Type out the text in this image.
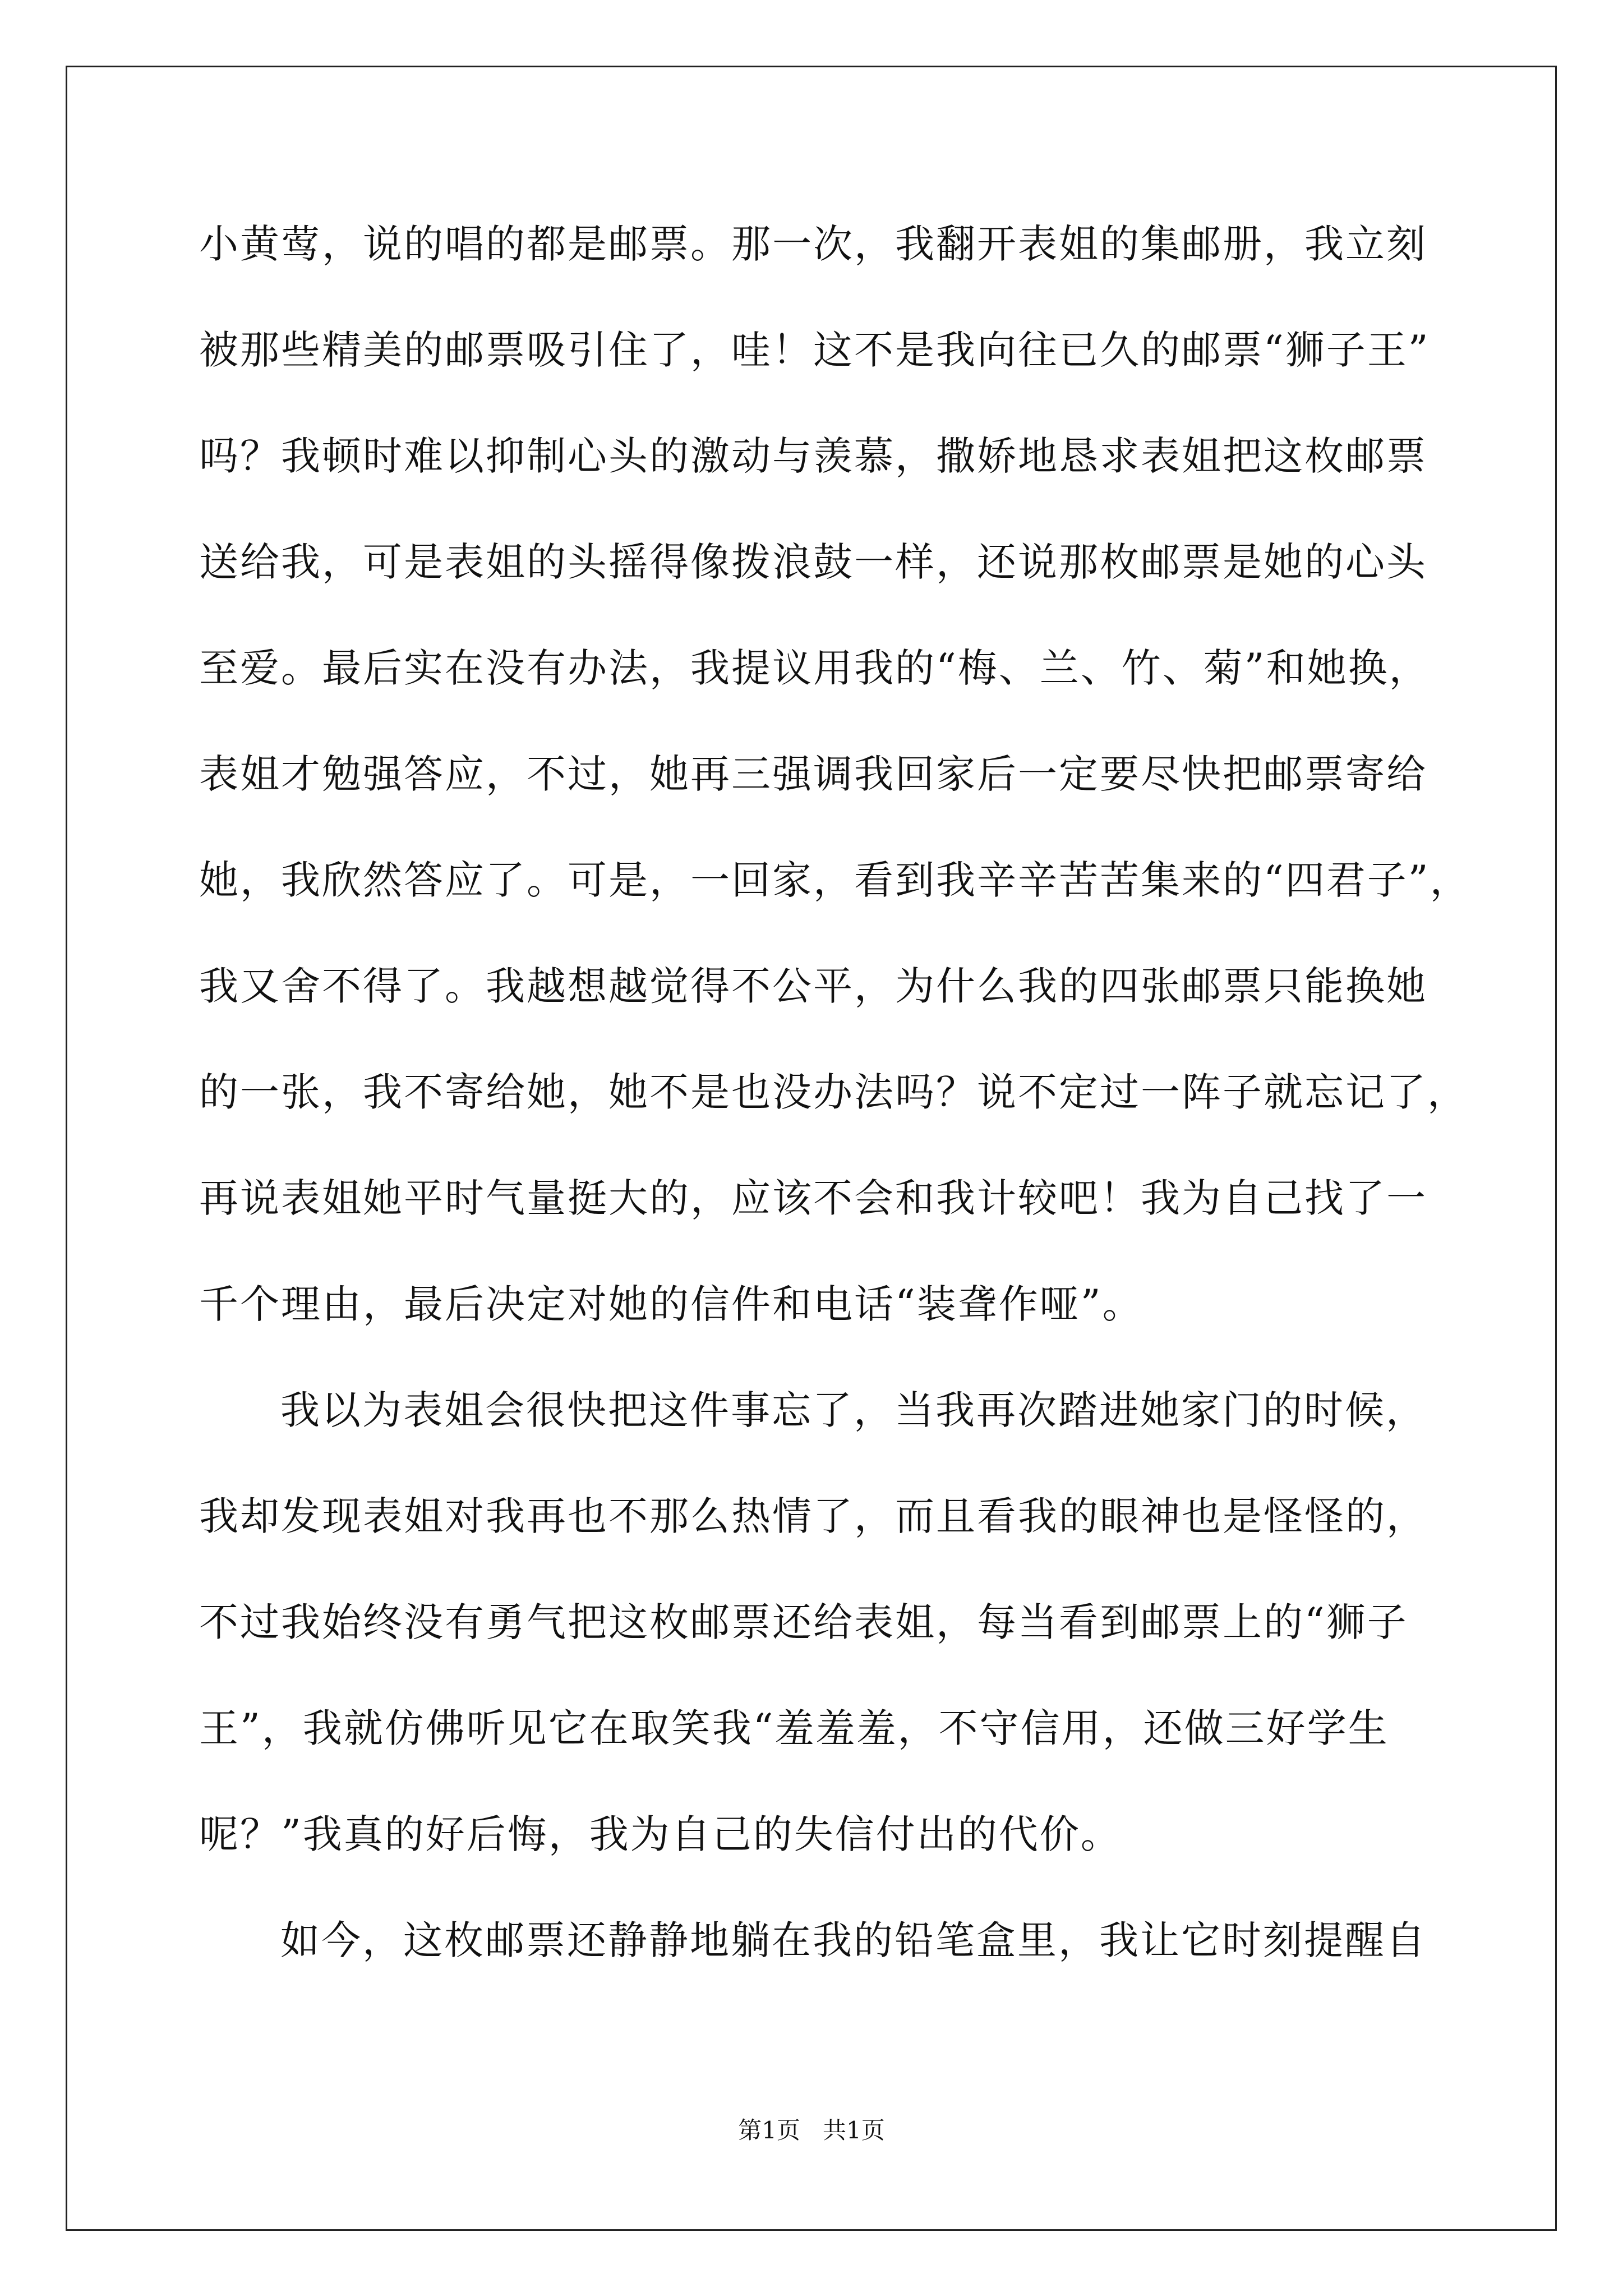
小黄莺，说的唱的都是邮票。那一次，我翻开表姐的集邮册，我立刻
被那些精美的邮票吸引住了，哇！这不是我向往已久的邮票“狮子王”
吗？我顿时难以抑制心头的激动与羡慕，撒娇地恳求表姐把这枚邮票
送给我，可是表姐的头摇得像拨浪鼓一样，还说那枚邮票是她的心头
至爱。最后实在没有办法，我提议用我的“梅、兰、竹、菊”和她换，
表姐才勉强答应，不过，她再三强调我回家后一定要尽快把邮票寄给
她，我欣然答应了。可是，一回家，看到我辛辛苦苦集来的“四君子”，
我又舍不得了。我越想越觉得不公平，为什么我的四张邮票只能换她
的一张，我不寄给她，她不是也没办法吗？说不定过一阵子就忘记了，
再说表姐她平时气量挺大的，应该不会和我计较吧！我为自己找了一
千个理由，最后决定对她的信件和电话“装聋作哑”。
我以为表姐会很快把这件事忘了，当我再次踏进她家门的时候，
我却发现表姐对我再也不那么热情了，而且看我的眼神也是怪怪的，
不过我始终没有勇气把这枚邮票还给表姐，每当看到邮票上的“狮子
王”，我就仿佛听见它在取笑我“羞羞羞，不守信用，还做三好学生
呢？”我真的好后悔，我为自己的失信付出的代价。
如今，这枚邮票还静静地躺在我的铅笔盒里，我让它时刻提醒自
第1页 共1页
